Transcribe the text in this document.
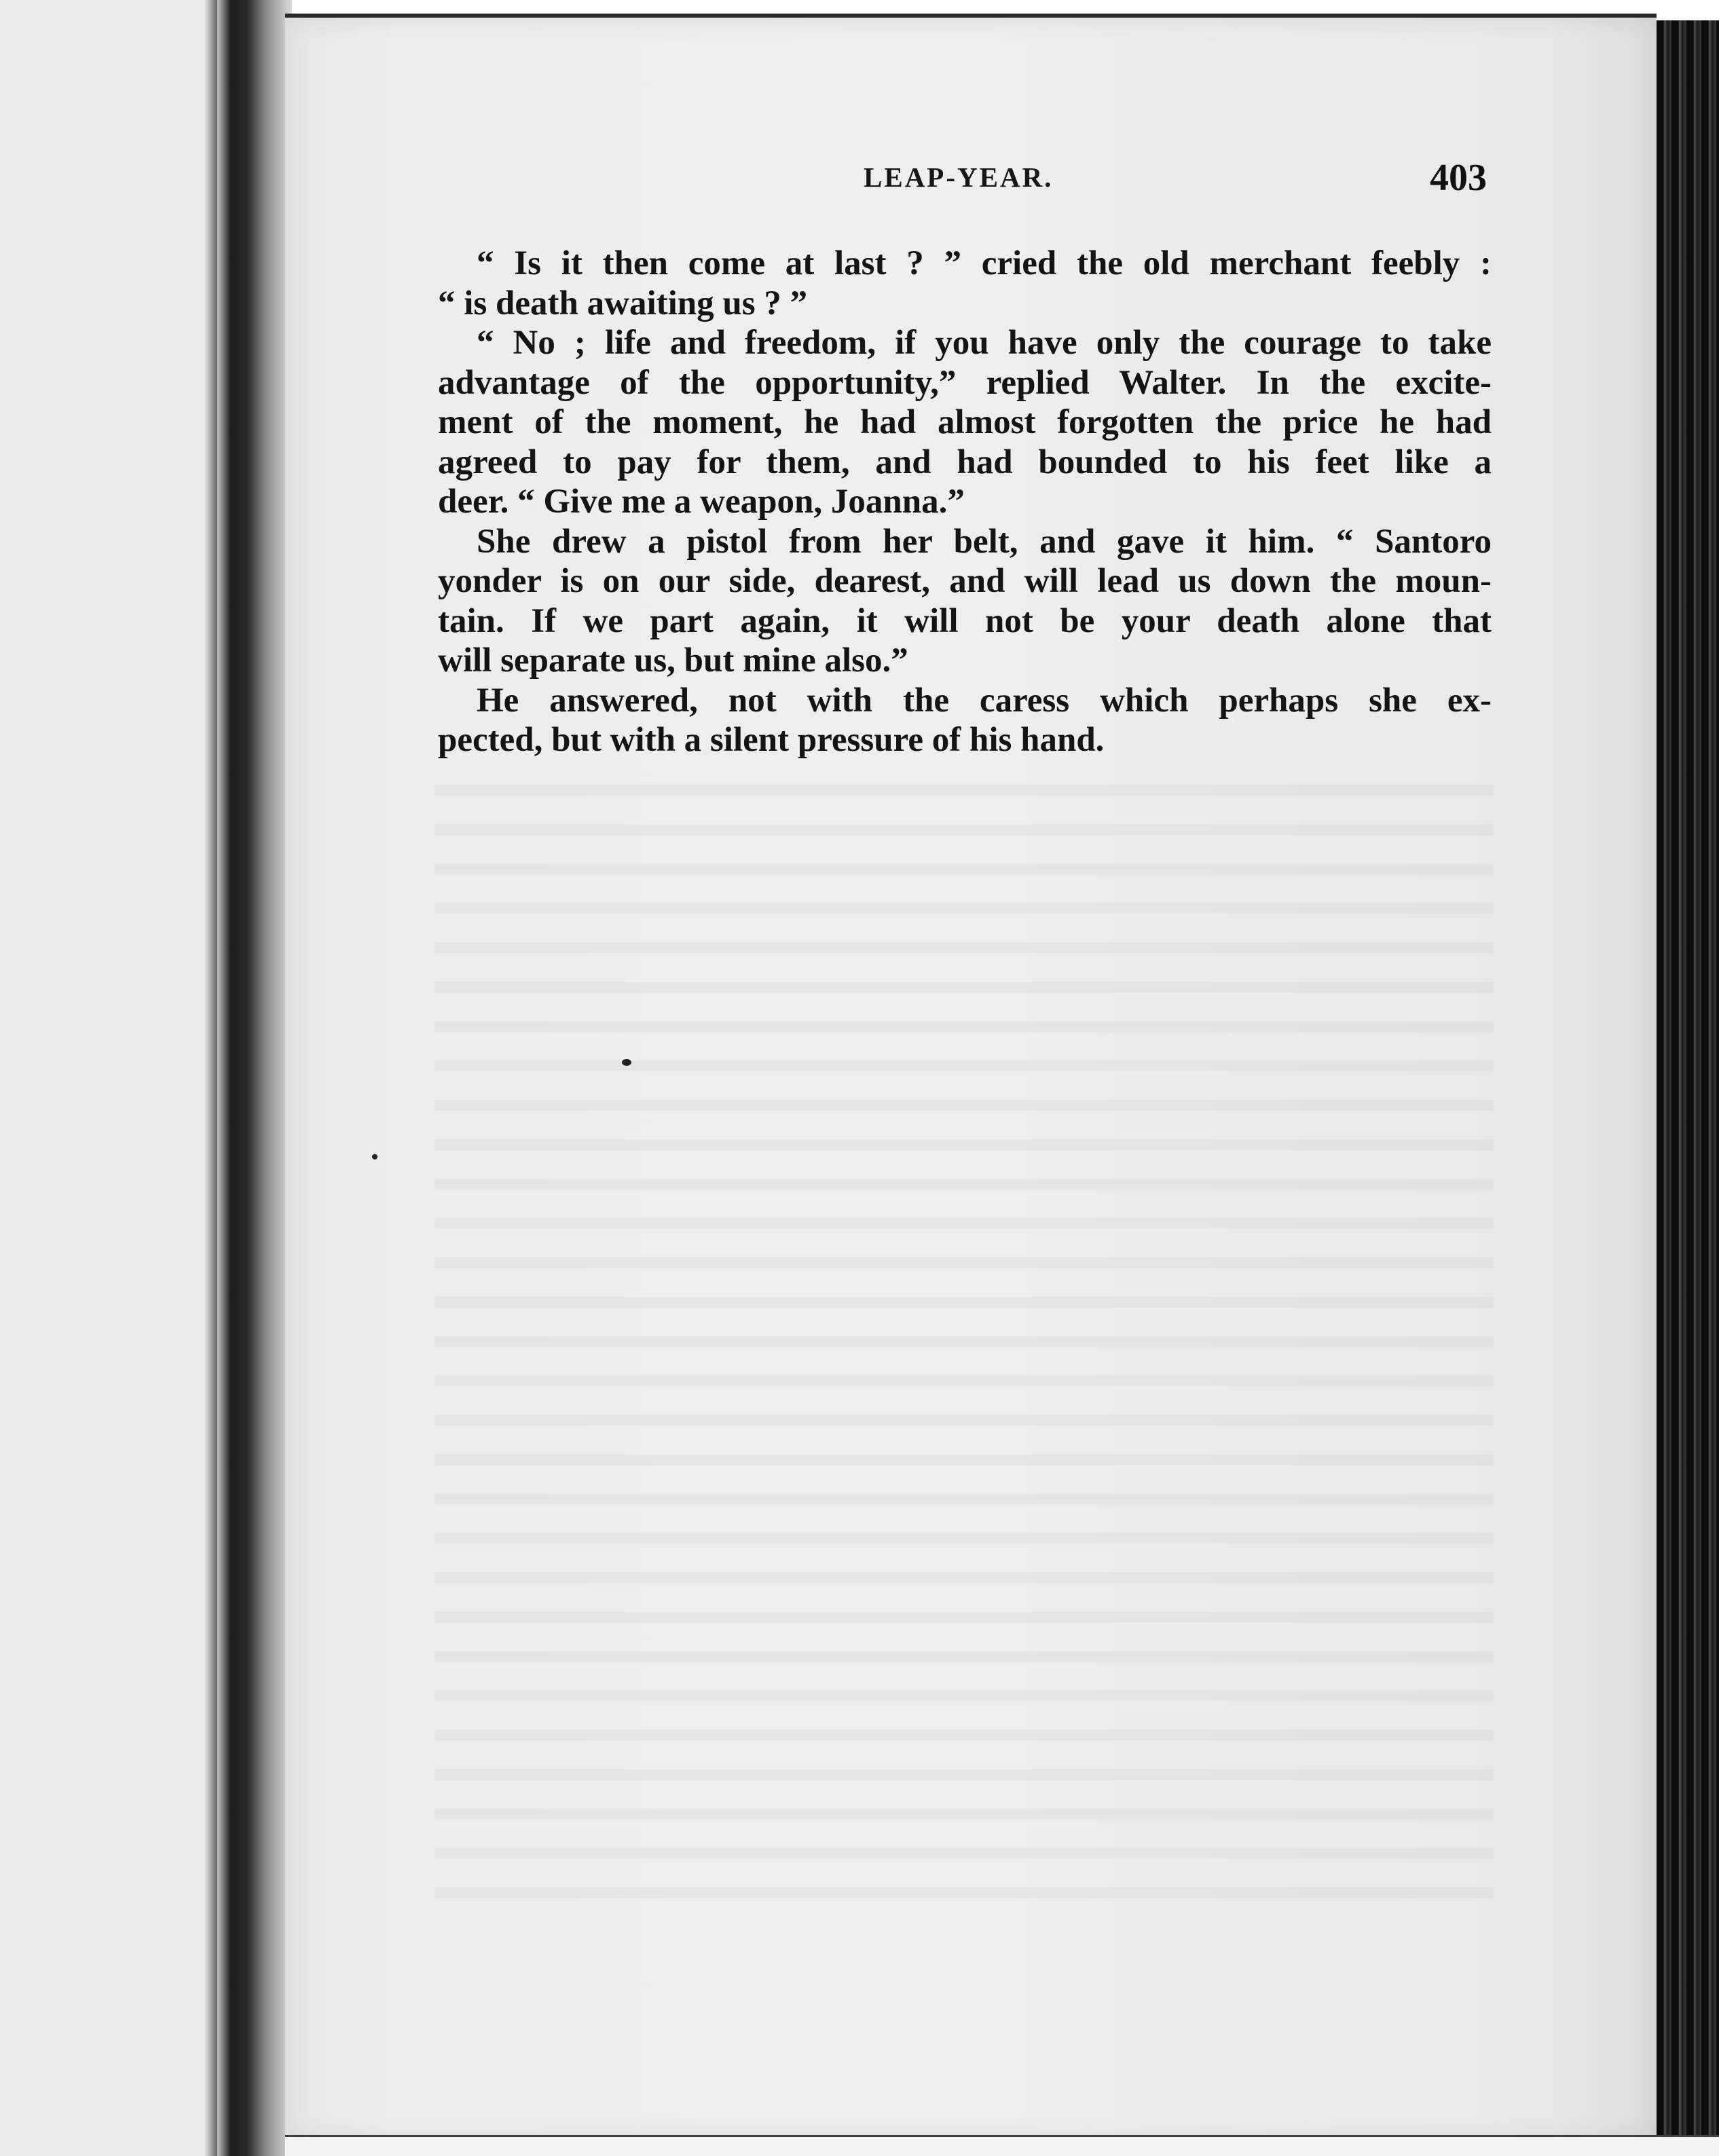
LEAP-YEAR.	403
“ Is it then come at last ? ” cried the old merchant feebly :
“ is death awaiting us ? ”
“ No ; life and freedom, if you have only the courage to take
advantage of the opportunity,” replied Walter. In the excite-
ment of the moment, he had almost forgotten the price he had
agreed to pay for them, and had bounded to his feet like a
deer. “ Give me a weapon, Joanna.”
She drew a pistol from her belt, and gave it him. “ Santoro
yonder is on our side, dearest, and will lead us down the moun-
tain. If we part again, it will not be your death alone that
will separate us, but mine also.”
He answered, not with the caress which perhaps she ex-
pected, but with a silent pressure of his hand.
